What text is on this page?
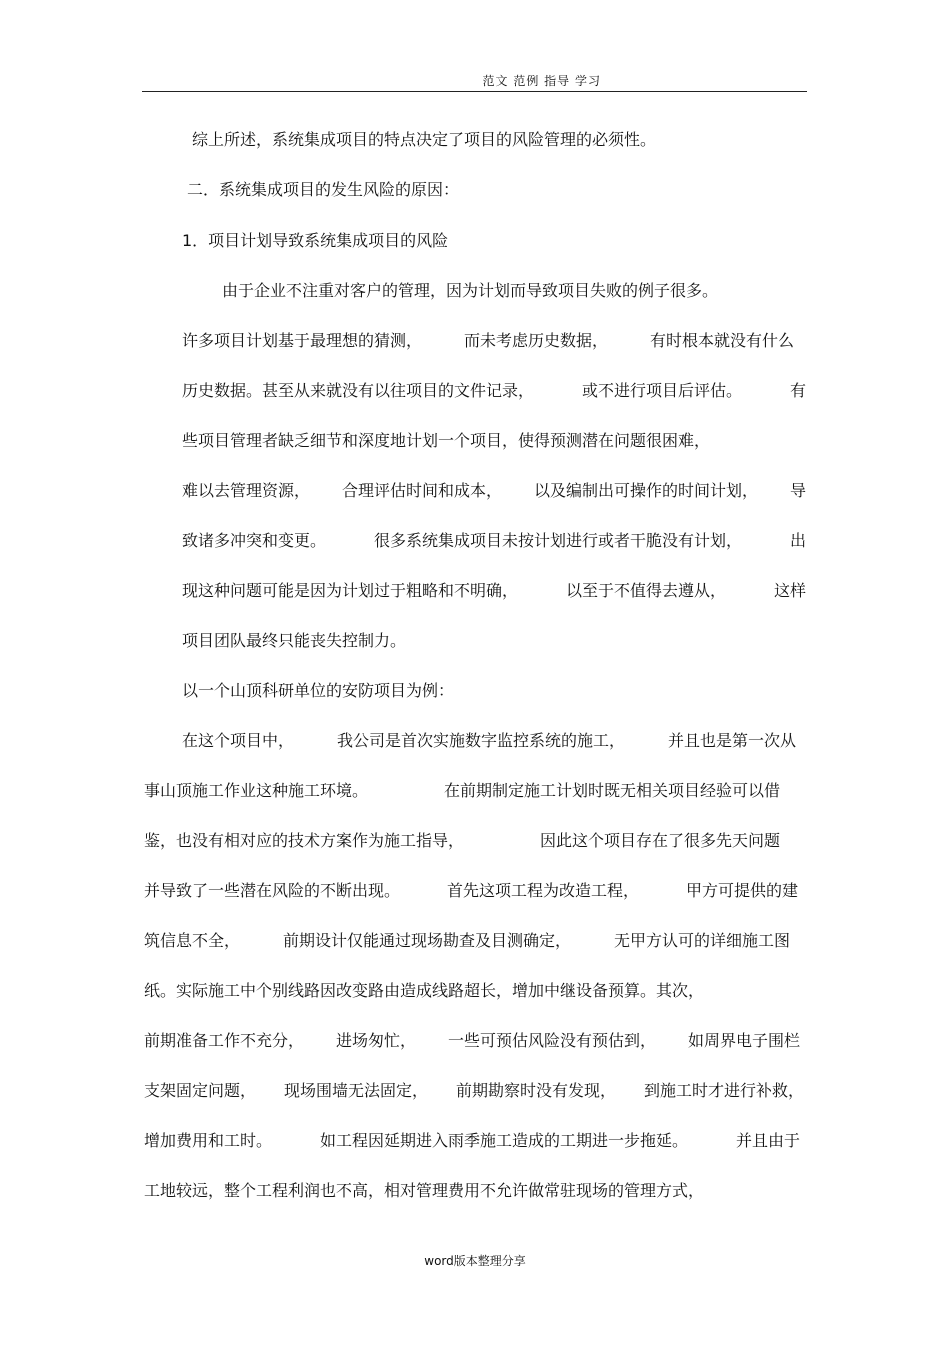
范文 范例 指导 学习
综上所述，系统集成项目的特点决定了项目的风险管理的必须性。
二．系统集成项目的发生风险的原因：
1．项目计划导致系统集成项目的风险
由于企业不注重对客户的管理，因为计划而导致项目失败的例子很多。
许多项目计划基于最理想的猜测，	而未考虑历史数据，	有时根本就没有什么
历史数据。甚至从来就没有以往项目的文件记录，	或不进行项目后评估。	有
些项目管理者缺乏细节和深度地计划一个项目，使得预测潜在问题很困难，
难以去管理资源， 合理评估时间和成本， 以及编制出可操作的时间计划， 导
致诸多冲突和变更。	很多系统集成项目未按计划进行或者干脆没有计划，	出
现这种问题可能是因为计划过于粗略和不明确，	以至于不值得去遵从，	这样
项目团队最终只能丧失控制力。
以一个山顶科研单位的安防项目为例：
在这个项目中，	我公司是首次实施数字监控系统的施工，	并且也是第一次从
事山顶施工作业这种施工环境。	在前期制定施工计划时既无相关项目经验可以借
鉴，也没有相对应的技术方案作为施工指导，	因此这个项目存在了很多先天问题
并导致了一些潜在风险的不断出现。	首先这项工程为改造工程，	甲方可提供的建
筑信息不全，	前期设计仅能通过现场勘查及目测确定，	无甲方认可的详细施工图
纸。实际施工中个别线路因改变路由造成线路超长，增加中继设备预算。其次，
前期准备工作不充分， 进场匆忙， 一些可预估风险没有预估到， 如周界电子围栏
支架固定问题， 现场围墙无法固定， 前期勘察时没有发现， 到施工时才进行补救，
增加费用和工时。	如工程因延期进入雨季施工造成的工期进一步拖延。	并且由于
工地较远，整个工程利润也不高，相对管理费用不允许做常驻现场的管理方式，
word版本整理分享
